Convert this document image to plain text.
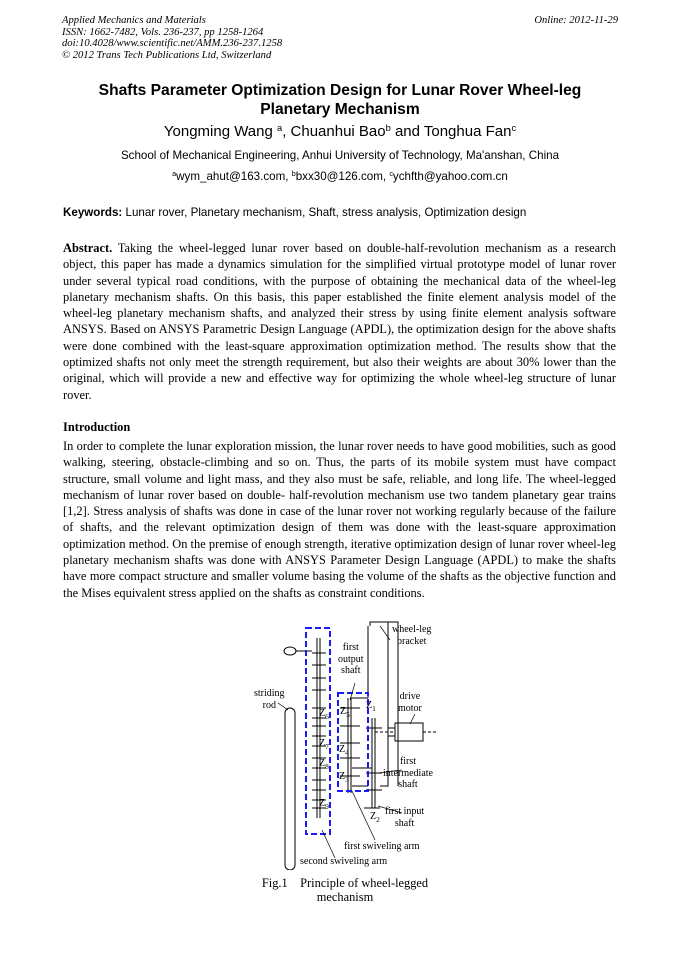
Applied Mechanics and Materials
ISSN: 1662-7482, Vols. 236-237, pp 1258-1264
doi:10.4028/www.scientific.net/AMM.236-237.1258
© 2012 Trans Tech Publications Ltd, Switzerland
Online: 2012-11-29
Shafts Parameter Optimization Design for Lunar Rover Wheel-leg
Planetary Mechanism
Yongming Wang $^a$, Chuanhui Bao$^b$ and Tonghua Fan$^c$
School of Mechanical Engineering, Anhui University of Technology, Ma'anshan, China
$^a$wym_ahut@163.com, $^b$bxx30@126.com, $^c$ychfth@yahoo.com.cn
Keywords: Lunar rover, Planetary mechanism, Shaft, stress analysis, Optimization design
Abstract. Taking the wheel-legged lunar rover based on double-half-revolution mechanism as a research object, this paper has made a dynamics simulation for the simplified virtual prototype model of lunar rover under several typical road conditions, with the purpose of obtaining the mechanical data of the wheel-leg planetary mechanism shafts. On this basis, this paper established the finite element analysis model of the wheel-leg planetary mechanism shafts, and analyzed their stress by using finite element analysis software ANSYS. Based on ANSYS Parametric Design Language (APDL), the optimization design for the above shafts were done combined with the least-square approximation optimization method. The results show that the optimized shafts not only meet the strength requirement, but also their weights are about 30% lower than the original, which will provide a new and effective way for optimizing the whole wheel-leg structure of lunar rover.
Introduction
In order to complete the lunar exploration mission, the lunar rover needs to have good mobilities, such as good walking, steering, obstacle-climbing and so on. Thus, the parts of its mobile system must have compact structure, small volume and light mass, and they also must be safe, reliable, and long life. The wheel-legged mechanism of lunar rover based on double- half-revolution mechanism use two tandem planetary gear trains [1,2]. Stress analysis of shafts was done in case of the lunar rover not working regularly because of the failure of shafts, and the relevant optimization design of them was done with the least-square approximation optimization method. On the premise of enough strength, iterative optimization design of lunar rover wheel-leg planetary mechanism shafts was done with ANSYS Parameter Design Language (APDL) to make the shafts have more compact structure and smaller volume basing the volume of the shafts as the objective function and the Mises equivalent stress applied on the shafts as constraint conditions.
wheel-leg
bracket
first
output
shaft
striding
rod
drive
motor
first
intermediate
shaft
first input
shaft
first swiveling arm
second swiveling arm
$Z_1$
$Z_2$
$Z_3$
$Z_4$
$Z_5$
$Z_6$
$Z_7$
$Z_8$
$Z_9$
Fig.1    Principle of wheel-legged
mechanism
